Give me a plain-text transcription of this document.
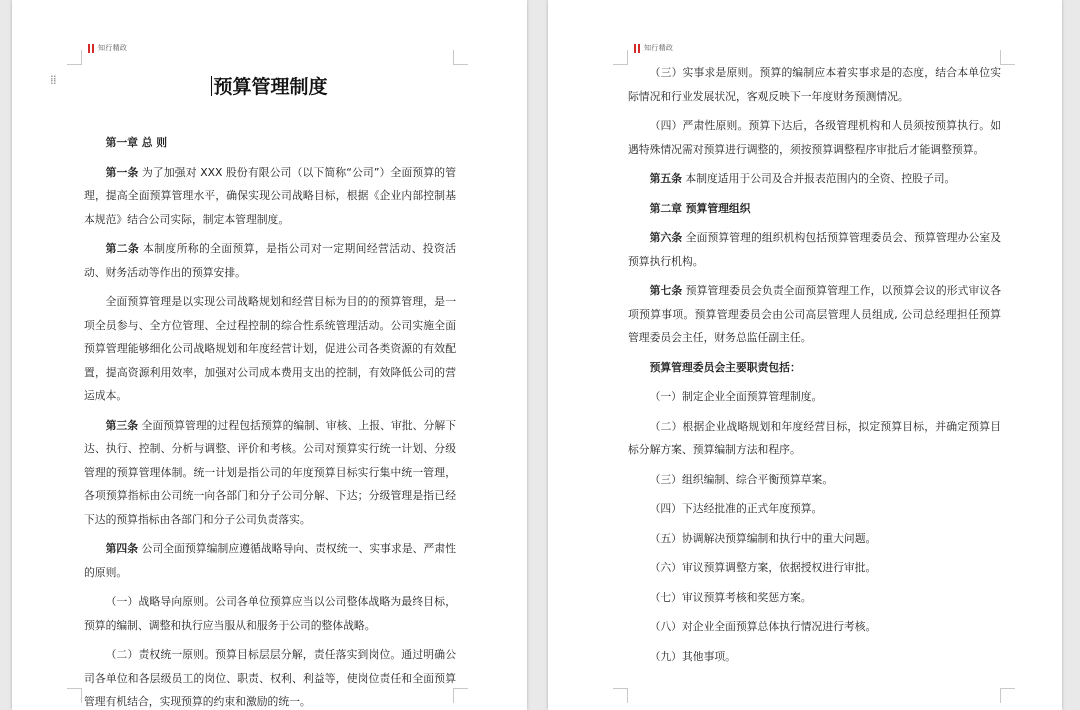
知行精政
⁞⁞	预算管理制度

第一章 总 则

第一条 为了加强对 XXX 股份有限公司（以下简称“公司”）全面预算的管理，提高全面预算管理水平，确保实现公司战略目标，根据《企业内部控制基本规范》结合公司实际，制定本管理制度。

第二条 本制度所称的全面预算，是指公司对一定期间经营活动、投资活动、财务活动等作出的预算安排。

全面预算管理是以实现公司战略规划和经营目标为目的的预算管理，是一项全员参与、全方位管理、全过程控制的综合性系统管理活动。公司实施全面预算管理能够细化公司战略规划和年度经营计划，促进公司各类资源的有效配置，提高资源利用效率，加强对公司成本费用支出的控制，有效降低公司的营运成本。

第三条 全面预算管理的过程包括预算的编制、审核、上报、审批、分解下达、执行、控制、分析与调整、评价和考核。公司对预算实行统一计划、分级管理的预算管理体制。统一计划是指公司的年度预算目标实行集中统一管理，各项预算指标由公司统一向各部门和分子公司分解、下达；分级管理是指已经下达的预算指标由各部门和分子公司负责落实。

第四条 公司全面预算编制应遵循战略导向、责权统一、实事求是、严肃性的原则。

（一）战略导向原则。公司各单位预算应当以公司整体战略为最终目标，预算的编制、调整和执行应当服从和服务于公司的整体战略。

（二）责权统一原则。预算目标层层分解，责任落实到岗位。通过明确公司各单位和各层级员工的岗位、职责、权利、利益等，使岗位责任和全面预算管理有机结合，实现预算的约束和激励的统一。

知行精政

（三）实事求是原则。预算的编制应本着实事求是的态度，结合本单位实际情况和行业发展状况，客观反映下一年度财务预测情况。

（四）严肃性原则。预算下达后，各级管理机构和人员须按预算执行。如遇特殊情况需对预算进行调整的，须按预算调整程序审批后才能调整预算。

第五条 本制度适用于公司及合并报表范围内的全资、控股子司。

第二章 预算管理组织

第六条 全面预算管理的组织机构包括预算管理委员会、预算管理办公室及预算执行机构。

第七条 预算管理委员会负责全面预算管理工作，以预算会议的形式审议各项预算事项。预算管理委员会由公司高层管理人员组成, 公司总经理担任预算管理委员会主任，财务总监任副主任。

预算管理委员会主要职责包括：

（一）制定企业全面预算管理制度。

（二）根据企业战略规划和年度经营目标，拟定预算目标，并确定预算目标分解方案、预算编制方法和程序。

（三）组织编制、综合平衡预算草案。

（四）下达经批准的正式年度预算。

（五）协调解决预算编制和执行中的重大问题。

（六）审议预算调整方案，依据授权进行审批。

（七）审议预算考核和奖惩方案。

（八）对企业全面预算总体执行情况进行考核。

（九）其他事项。
